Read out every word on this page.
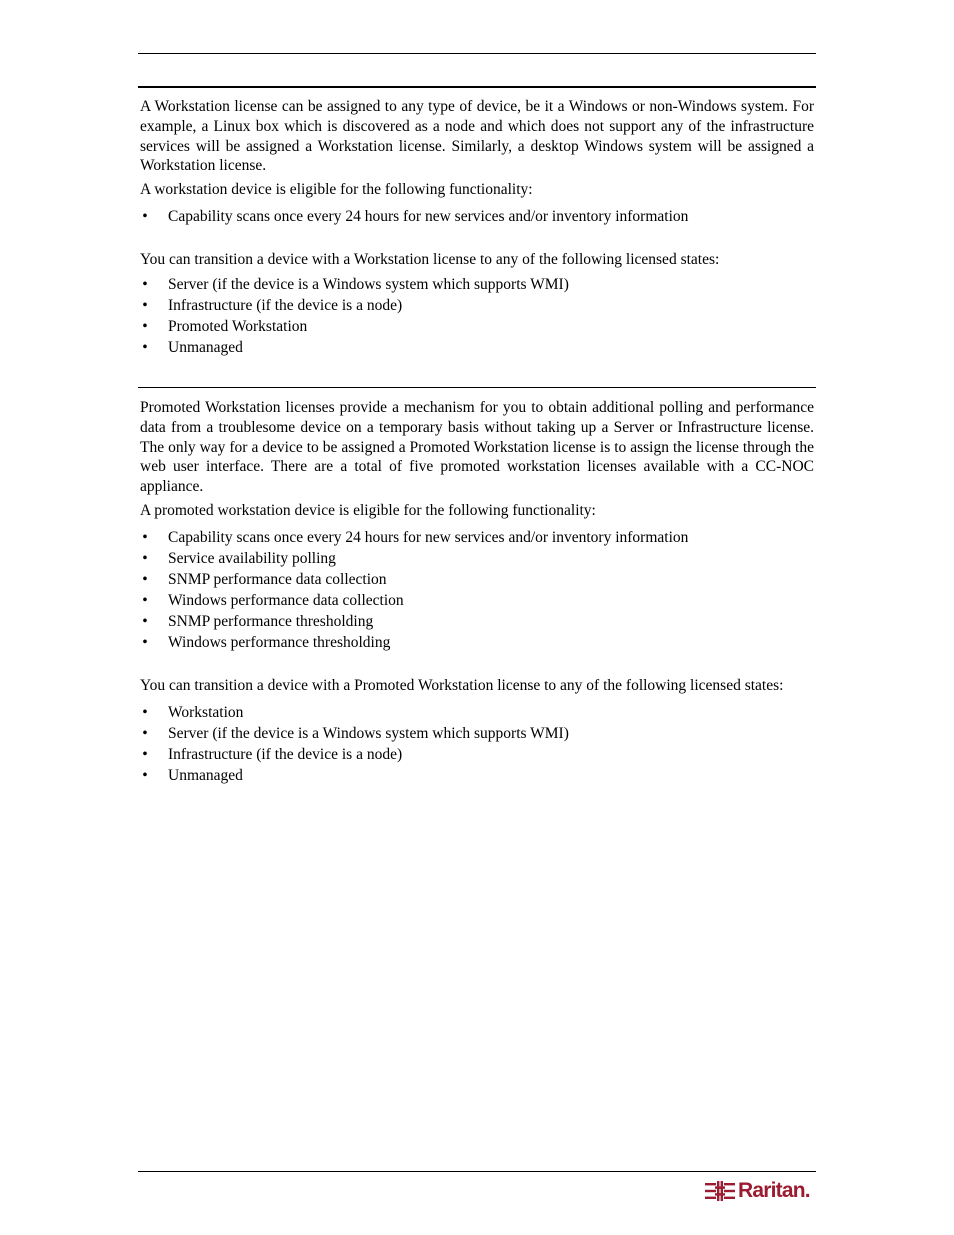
A Workstation license can be assigned to any type of device, be it a Windows or non-Windows system. For example, a Linux box which is discovered as a node and which does not support any of the infrastructure services will be assigned a Workstation license. Similarly, a desktop Windows system will be assigned a Workstation license.

A workstation device is eligible for the following functionality:

• Capability scans once every 24 hours for new services and/or inventory information

You can transition a device with a Workstation license to any of the following licensed states:

• Server (if the device is a Windows system which supports WMI)
• Infrastructure (if the device is a node)
• Promoted Workstation
• Unmanaged

Promoted Workstation licenses provide a mechanism for you to obtain additional polling and performance data from a troublesome device on a temporary basis without taking up a Server or Infrastructure license. The only way for a device to be assigned a Promoted Workstation license is to assign the license through the web user interface. There are a total of five promoted workstation licenses available with a CC-NOC appliance.

A promoted workstation device is eligible for the following functionality:

• Capability scans once every 24 hours for new services and/or inventory information
• Service availability polling
• SNMP performance data collection
• Windows performance data collection
• SNMP performance thresholding
• Windows performance thresholding

You can transition a device with a Promoted Workstation license to any of the following licensed states:

• Workstation
• Server (if the device is a Windows system which supports WMI)
• Infrastructure (if the device is a node)
• Unmanaged
Raritan.
